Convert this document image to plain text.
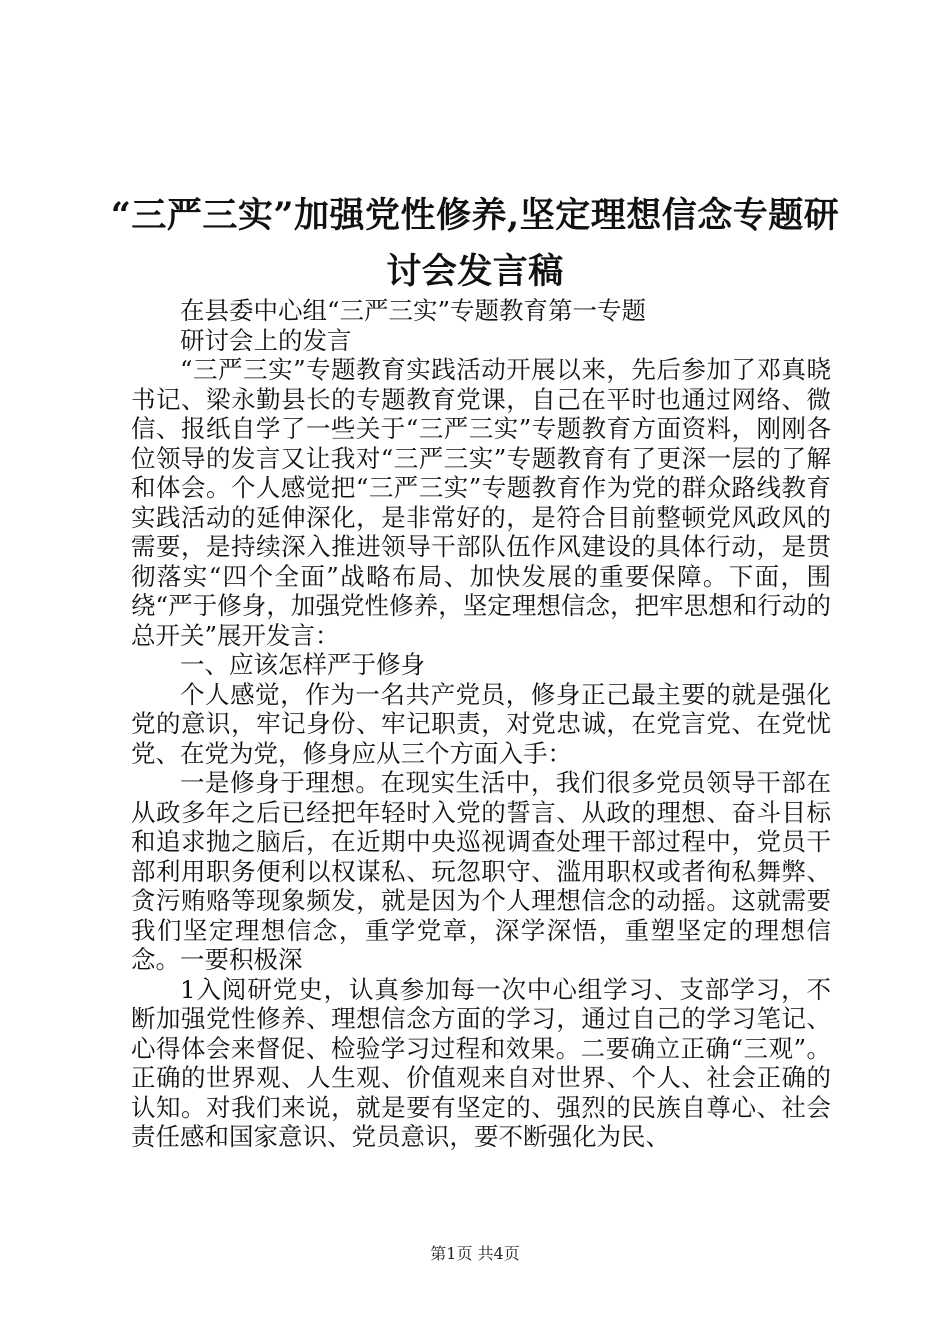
“三严三实”加强党性修养,坚定理想信念专题研讨会发言稿

在县委中心组“三严三实”专题教育第一专题

研讨会上的发言

“三严三实”专题教育实践活动开展以来，先后参加了邓真晓书记、梁永勤县长的专题教育党课，自己在平时也通过网络、微信、报纸自学了一些关于“三严三实”专题教育方面资料，刚刚各位领导的发言又让我对“三严三实”专题教育有了更深一层的了解和体会。个人感觉把“三严三实”专题教育作为党的群众路线教育实践活动的延伸深化，是非常好的，是符合目前整顿党风政风的需要，是持续深入推进领导干部队伍作风建设的具体行动，是贯彻落实“四个全面”战略布局、加快发展的重要保障。下面，围绕“严于修身，加强党性修养，坚定理想信念，把牢思想和行动的总开关”展开发言：

一、应该怎样严于修身

个人感觉，作为一名共产党员，修身正己最主要的就是强化党的意识，牢记身份、牢记职责，对党忠诚，在党言党、在党忧党、在党为党，修身应从三个方面入手：

一是修身于理想。在现实生活中，我们很多党员领导干部在从政多年之后已经把年轻时入党的誓言、从政的理想、奋斗目标和追求抛之脑后，在近期中央巡视调查处理干部过程中，党员干部利用职务便利以权谋私、玩忽职守、滥用职权或者徇私舞弊、贪污贿赂等现象频发，就是因为个人理想信念的动摇。这就需要我们坚定理想信念，重学党章，深学深悟，重塑坚定的理想信念。一要积极深

1入阅研党史，认真参加每一次中心组学习、支部学习，不断加强党性修养、理想信念方面的学习，通过自己的学习笔记、心得体会来督促、检验学习过程和效果。二要确立正确“三观”。正确的世界观、人生观、价值观来自对世界、个人、社会正确的认知。对我们来说，就是要有坚定的、强烈的民族自尊心、社会责任感和国家意识、党员意识，要不断强化为民、

第1页 共4页
